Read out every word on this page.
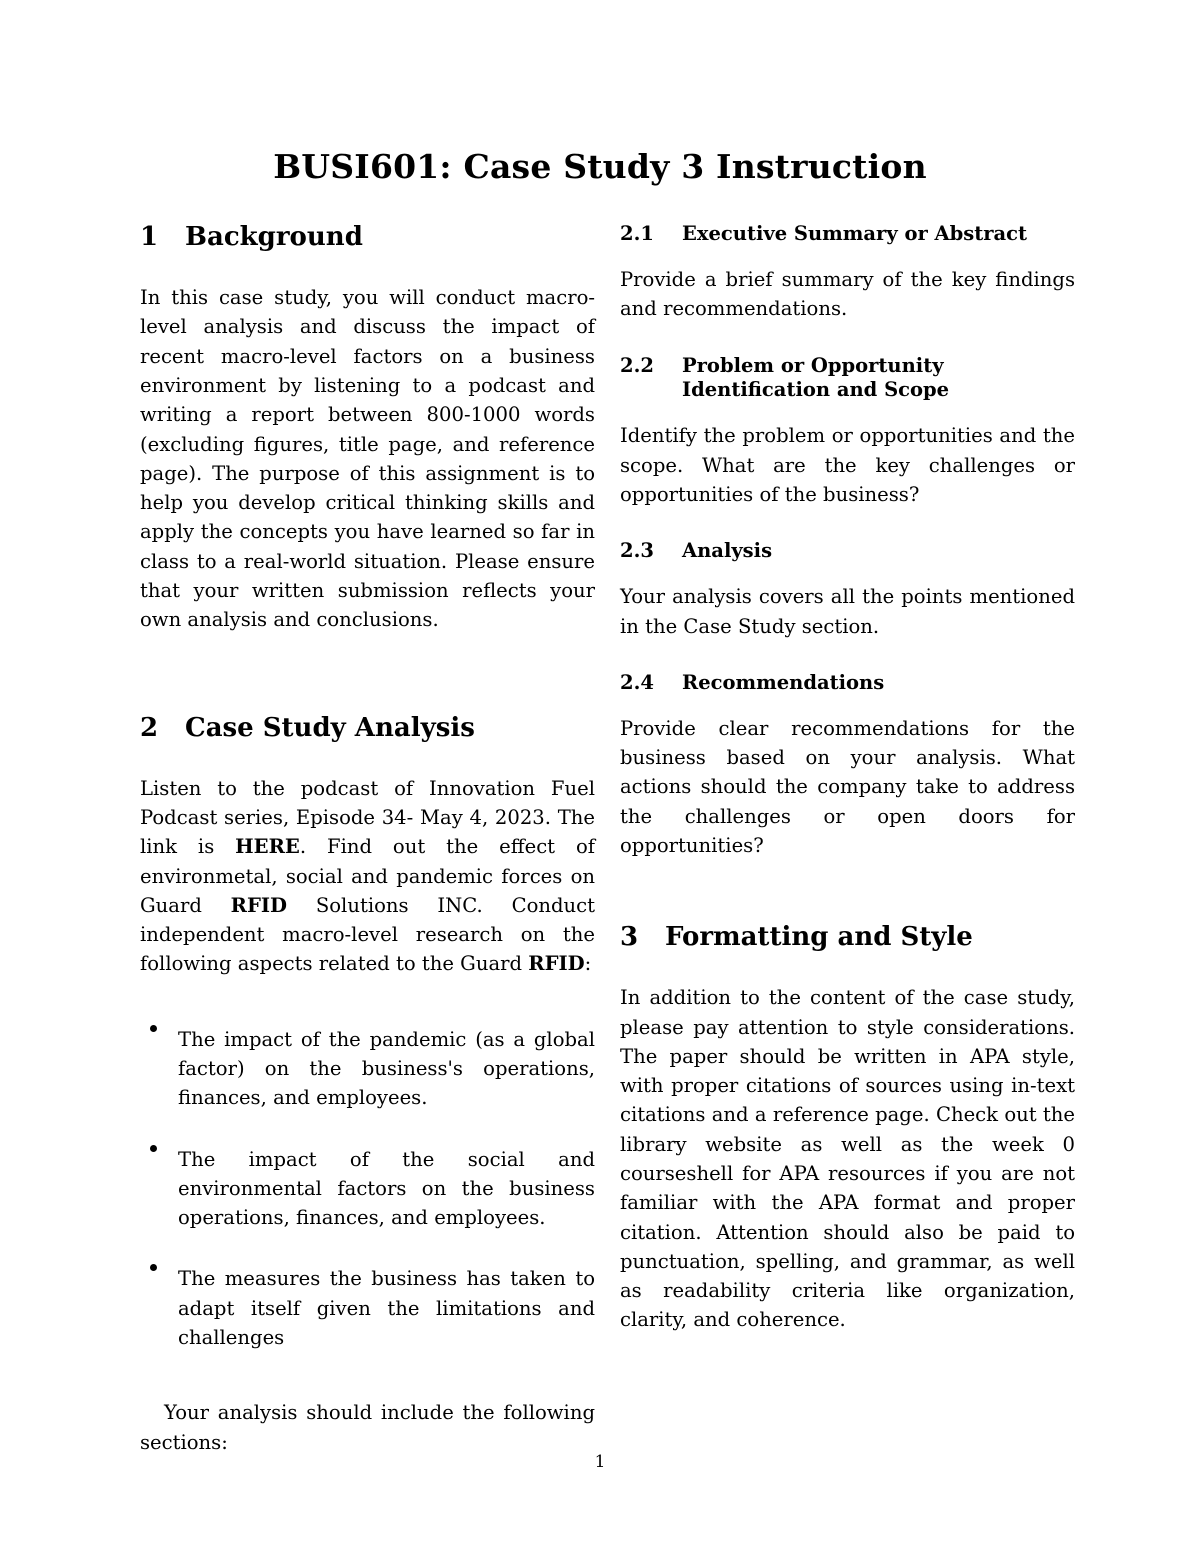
BUSI601: Case Study 3 Instruction
1	Background

In this case study, you will conduct macro-level analysis and discuss the impact of recent macro-level factors on a business environment by listening to a podcast and writing a report between 800-1000 words (excluding figures, title page, and reference page). The purpose of this assignment is to help you develop critical thinking skills and apply the concepts you have learned so far in class to a real-world situation. Please ensure that your written submission reflects your own analysis and conclusions.

2	Case Study Analysis

Listen to the podcast of Innovation Fuel Podcast series, Episode 34- May 4, 2023. The link is HERE. Find out the effect of environmetal, social and pandemic forces on Guard RFID Solutions INC. Conduct independent macro-level research on the following aspects related to the Guard RFID:

The impact of the pandemic (as a global factor) on the business's operations, finances, and employees.
The impact of the social and environmental factors on the business operations, finances, and employees.
The measures the business has taken to adapt itself given the limitations and challenges

Your analysis should include the following sections:

2.1	Executive Summary or Abstract

Provide a brief summary of the key findings and recommendations.

2.2	Problem or Opportunity Identification and Scope

Identify the problem or opportunities and the scope. What are the key challenges or opportunities of the business?

2.3	Analysis

Your analysis covers all the points mentioned in the Case Study section.

2.4	Recommendations

Provide clear recommendations for the business based on your analysis. What actions should the company take to address the challenges or open doors for opportunities?

3	Formatting and Style

In addition to the content of the case study, please pay attention to style considerations. The paper should be written in APA style, with proper citations of sources using in-text citations and a reference page. Check out the library website as well as the week 0 courseshell for APA resources if you are not familiar with the APA format and proper citation. Attention should also be paid to punctuation, spelling, and grammar, as well as readability criteria like organization, clarity, and coherence.

1
